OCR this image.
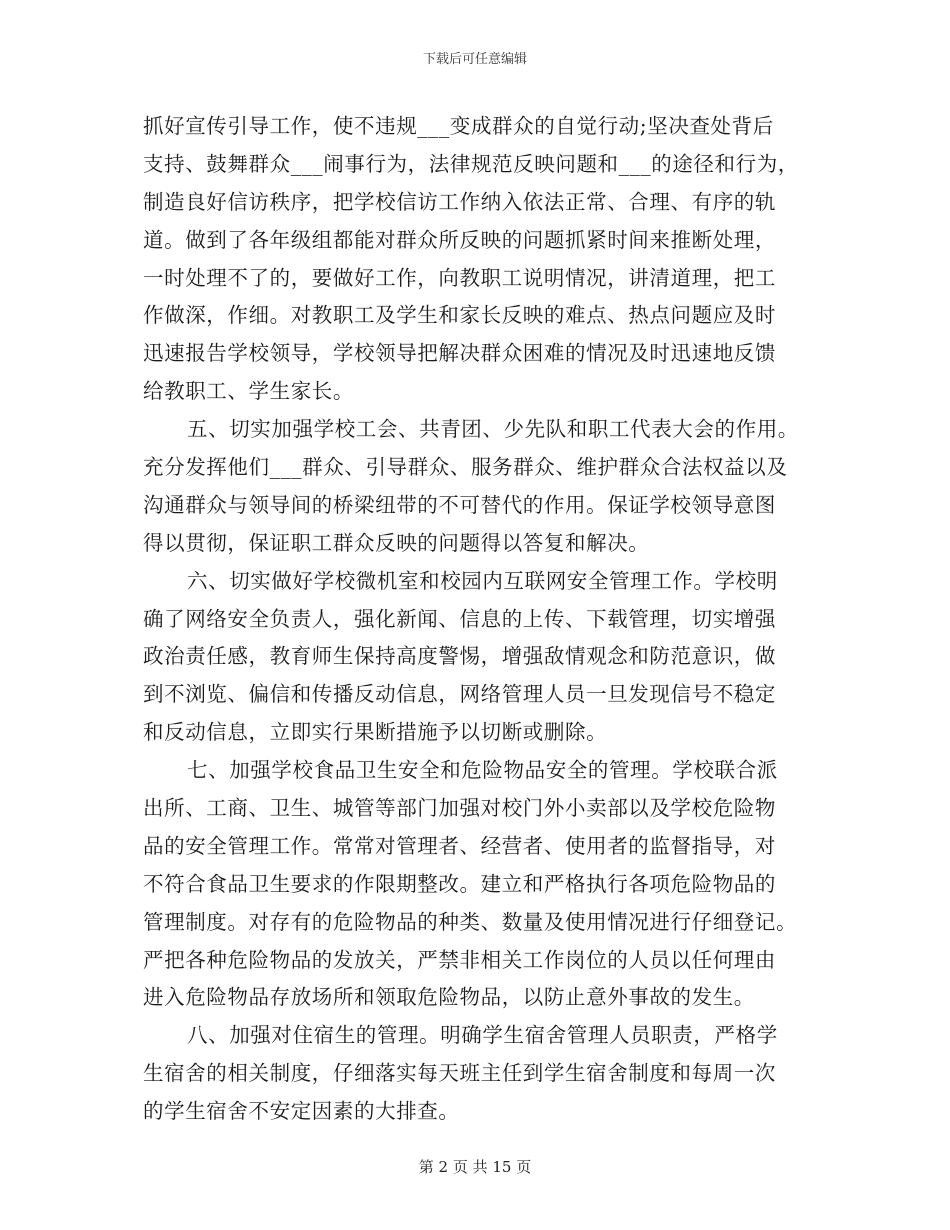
下载后可任意编辑

抓好宣传引导工作，使不违规___变成群众的自觉行动;坚决查处背后
支持、鼓舞群众___闹事行为，法律规范反映问题和___的途径和行为，
制造良好信访秩序，把学校信访工作纳入依法正常、合理、有序的轨
道。做到了各年级组都能对群众所反映的问题抓紧时间来推断处理，
一时处理不了的，要做好工作，向教职工说明情况，讲清道理，把工
作做深，作细。对教职工及学生和家长反映的难点、热点问题应及时
迅速报告学校领导，学校领导把解决群众困难的情况及时迅速地反馈
给教职工、学生家长。

五、切实加强学校工会、共青团、少先队和职工代表大会的作用。
充分发挥他们___群众、引导群众、服务群众、维护群众合法权益以及
沟通群众与领导间的桥梁纽带的不可替代的作用。保证学校领导意图
得以贯彻，保证职工群众反映的问题得以答复和解决。

六、切实做好学校微机室和校园内互联网安全管理工作。学校明
确了网络安全负责人，强化新闻、信息的上传、下载管理，切实增强
政治责任感，教育师生保持高度警惕，增强敌情观念和防范意识，做
到不浏览、偏信和传播反动信息，网络管理人员一旦发现信号不稳定
和反动信息，立即实行果断措施予以切断或删除。

七、加强学校食品卫生安全和危险物品安全的管理。学校联合派
出所、工商、卫生、城管等部门加强对校门外小卖部以及学校危险物
品的安全管理工作。常常对管理者、经营者、使用者的监督指导，对
不符合食品卫生要求的作限期整改。建立和严格执行各项危险物品的
管理制度。对存有的危险物品的种类、数量及使用情况进行仔细登记。
严把各种危险物品的发放关，严禁非相关工作岗位的人员以任何理由
进入危险物品存放场所和领取危险物品，以防止意外事故的发生。

八、加强对住宿生的管理。明确学生宿舍管理人员职责，严格学
生宿舍的相关制度，仔细落实每天班主任到学生宿舍制度和每周一次
的学生宿舍不安定因素的大排查。

第 2 页 共 15 页
